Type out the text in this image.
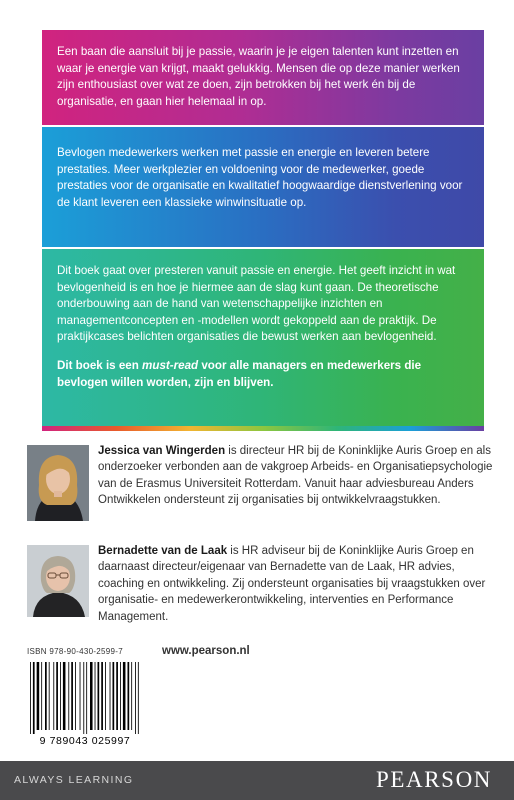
Een baan die aansluit bij je passie, waarin je je eigen talenten kunt inzetten en waar je energie van krijgt, maakt gelukkig. Mensen die op deze manier werken zijn enthousiast over wat ze doen, zijn betrokken bij het werk én bij de organisatie, en gaan hier helemaal in op.

Bevlogen medewerkers werken met passie en energie en leveren betere prestaties. Meer werkplezier en voldoening voor de medewerker, goede prestaties voor de organisatie en kwalitatief hoogwaardige dienstverlening voor de klant leveren een klassieke winwinsituatie op.

Dit boek gaat over presteren vanuit passie en energie. Het geeft inzicht in wat bevlogenheid is en hoe je hiermee aan de slag kunt gaan. De theoretische onderbouwing aan de hand van wetenschappelijke inzichten en managementconcepten en -modellen wordt gekoppeld aan de praktijk. De praktijkcases belichten organisaties die bewust werken aan bevlogenheid.

Dit boek is een must-read voor alle managers en medewerkers die bevlogen willen worden, zijn en blijven.

Jessica van Wingerden is directeur HR bij de Koninklijke Auris Groep en als onderzoeker verbonden aan de vakgroep Arbeids- en Organisatiepsychologie van de Erasmus Universiteit Rotterdam. Vanuit haar adviesbureau Anders Ontwikkelen ondersteunt zij organisaties bij ontwikkelvraagstukken.
Bernadette van de Laak is HR adviseur bij de Koninklijke Auris Groep en daarnaast directeur/eigenaar van Bernadette van de Laak, HR advies, coaching en ontwikkeling. Zij ondersteunt organisaties bij vraagstukken over organisatie- en medewerkerontwikkeling, interventies en Performance Management.
ISBN 978-90-430-2599-7	www.pearson.nl
9 789043 025997
ALWAYS LEARNING	PEARSON
